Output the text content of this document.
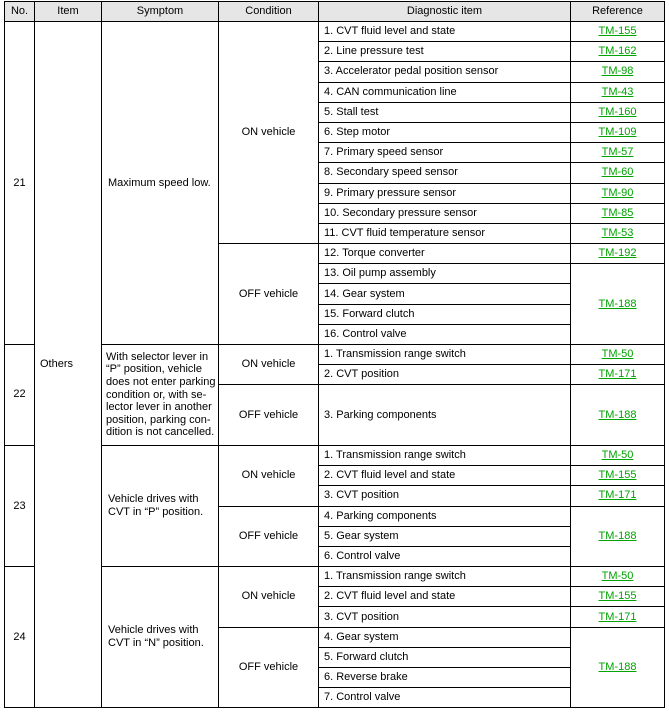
No.	Item	Symptom	Condition	Diagnostic item	Reference
21	Others	Maximum speed low.	ON vehicle	1. CVT fluid level and state	TM-155
				2. Line pressure test	TM-162
				3. Accelerator pedal position sensor	TM-98
				4. CAN communication line	TM-43
				5. Stall test	TM-160
				6. Step motor	TM-109
				7. Primary speed sensor	TM-57
				8. Secondary speed sensor	TM-60
				9. Primary pressure sensor	TM-90
				10. Secondary pressure sensor	TM-85
				11. CVT fluid temperature sensor	TM-53
			OFF vehicle	12. Torque converter	TM-192
				13. Oil pump assembly	TM-188
				14. Gear system	
				15. Forward clutch	
				16. Control valve	
22		With selector lever in “P” position, vehicle does not enter parking condition or, with se-lector lever in another position, parking con-dition is not cancelled.	ON vehicle	1. Transmission range switch	TM-50
				2. CVT position	TM-171
			OFF vehicle	3. Parking components	TM-188

23		Vehicle drives with CVT in “P” position.	ON vehicle	1. Transmission range switch	TM-50
				2. CVT fluid level and state	TM-155
				3. CVT position	TM-171
			OFF vehicle	4. Parking components	TM-188
				5. Gear system	
				6. Control valve	
24		Vehicle drives with CVT in “N” position.	ON vehicle	1. Transmission range switch	TM-50
				2. CVT fluid level and state	TM-155
				3. CVT position	TM-171
			OFF vehicle	4. Gear system	TM-188
				5. Forward clutch	
				6. Reverse brake	
				7. Control valve	
